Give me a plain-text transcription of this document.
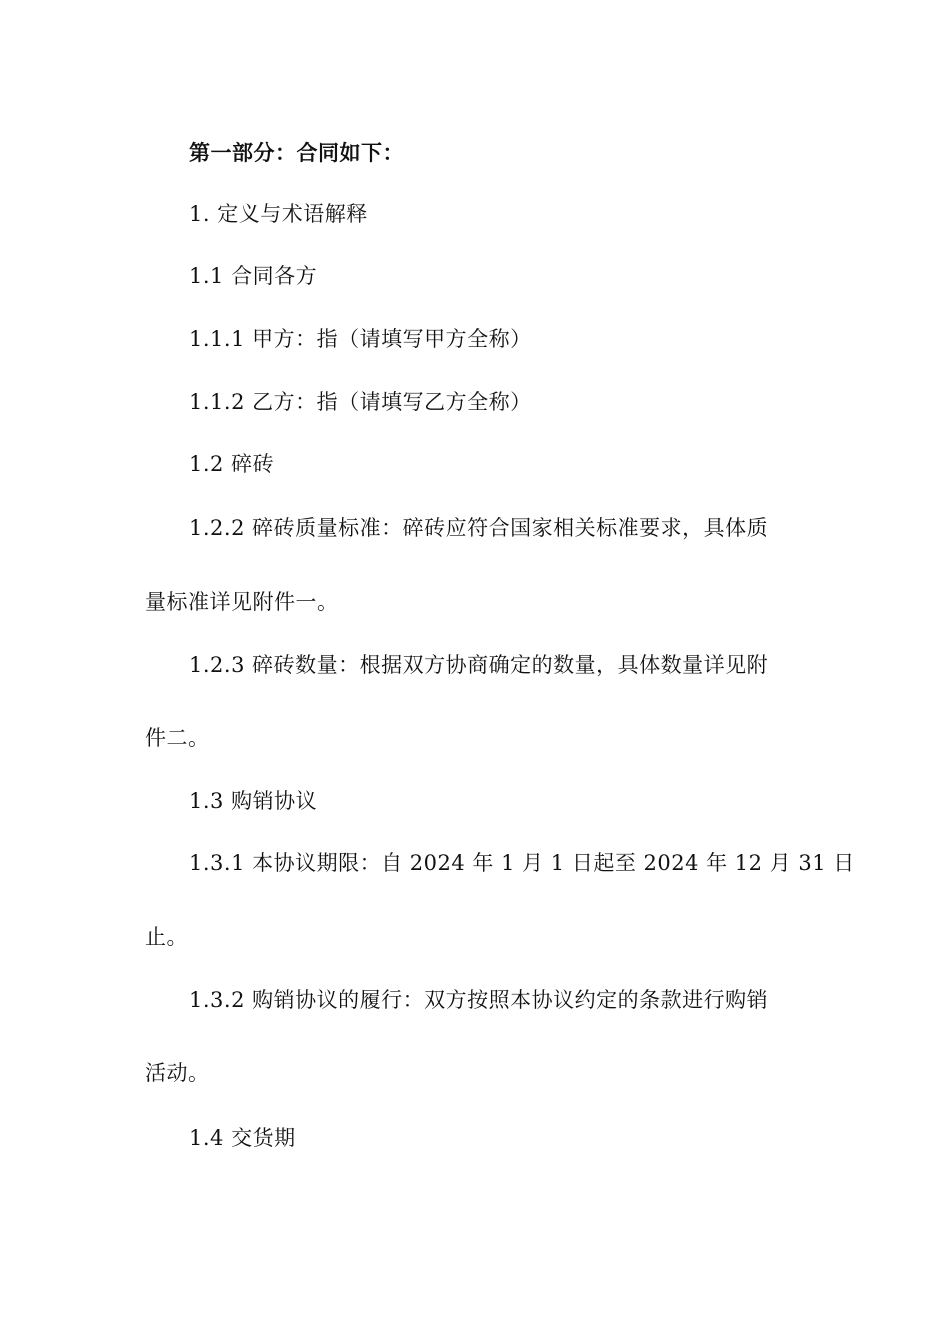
第一部分：合同如下：
1. 定义与术语解释
1.1 合同各方
1.1.1 甲方：指（请填写甲方全称）
1.1.2 乙方：指（请填写乙方全称）
1.2 碎砖
1.2.2 碎砖质量标准：碎砖应符合国家相关标准要求，具体质
量标准详见附件一。
1.2.3 碎砖数量：根据双方协商确定的数量，具体数量详见附
件二。
1.3 购销协议
1.3.1 本协议期限：自 2024 年 1 月 1 日起至 2024 年 12 月 31 日
止。
1.3.2 购销协议的履行：双方按照本协议约定的条款进行购销
活动。
1.4 交货期
